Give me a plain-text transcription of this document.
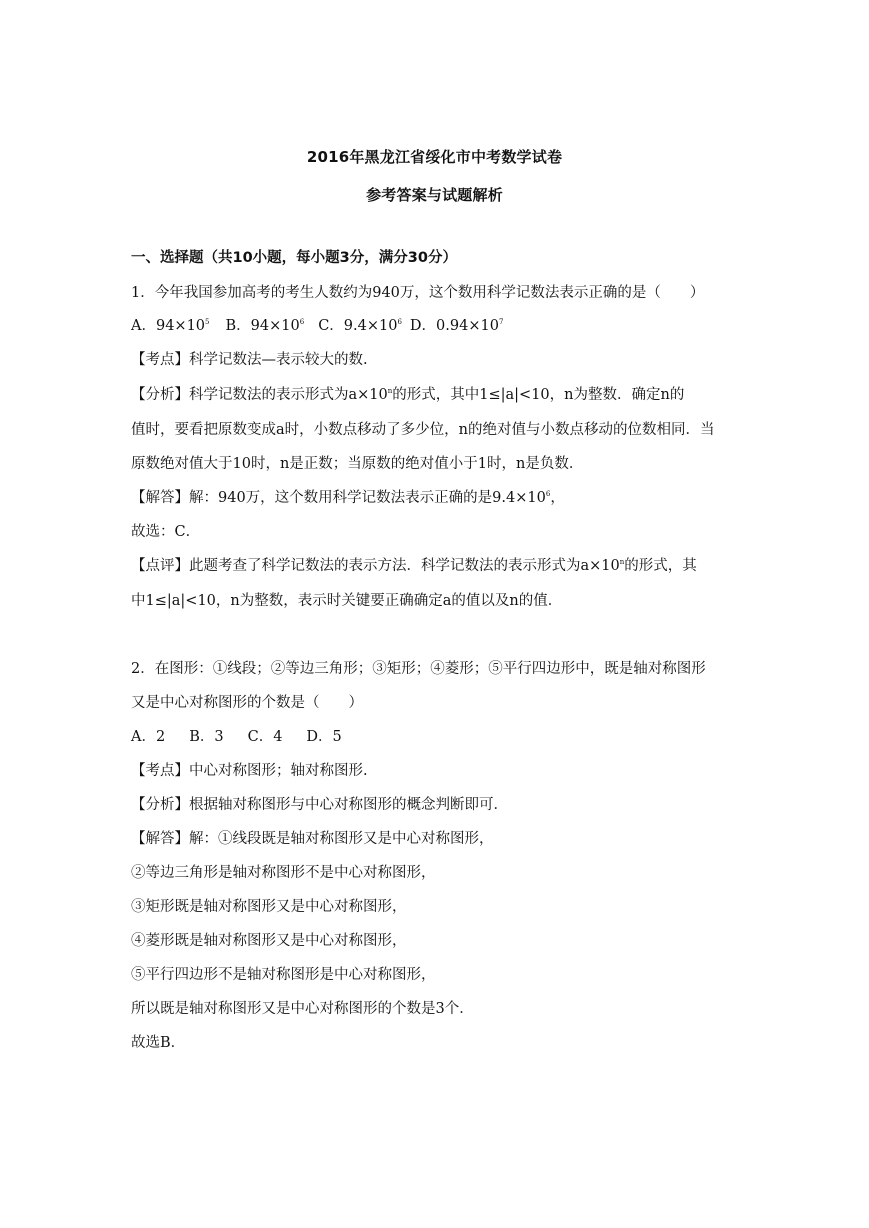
2016年黑龙江省绥化市中考数学试卷
参考答案与试题解析
一、选择题（共10小题，每小题3分，满分30分）
1．今年我国参加高考的考生人数约为940万，这个数用科学记数法表示正确的是（　　）
A．$94\times 10^5$ B．$94\times 10^6$ C．$9.4\times 10^6$ D．$0.94\times 10^7$
【考点】科学记数法—表示较大的数.
【分析】科学记数法的表示形式为$a\times 10^n$的形式，其中1≤|a|<10，n为整数．确定n的
值时，要看把原数变成a时，小数点移动了多少位，n的绝对值与小数点移动的位数相同．当
原数绝对值大于10时，n是正数；当原数的绝对值小于1时，n是负数．
【解答】解：940万，这个数用科学记数法表示正确的是$9.4\times 10^6$，
故选：C．
【点评】此题考查了科学记数法的表示方法．科学记数法的表示形式为$a\times 10^n$的形式，其
中1≤|a|<10，n为整数，表示时关键要正确确定a的值以及n的值．
2．在图形：①线段；②等边三角形；③矩形；④菱形；⑤平行四边形中，既是轴对称图形
又是中心对称图形的个数是（　　）
A．2 B．3 C．4 D．5
【考点】中心对称图形；轴对称图形.
【分析】根据轴对称图形与中心对称图形的概念判断即可．
【解答】解：①线段既是轴对称图形又是中心对称图形，
②等边三角形是轴对称图形不是中心对称图形，
③矩形既是轴对称图形又是中心对称图形，
④菱形既是轴对称图形又是中心对称图形，
⑤平行四边形不是轴对称图形是中心对称图形，
所以既是轴对称图形又是中心对称图形的个数是3个．
故选B．
